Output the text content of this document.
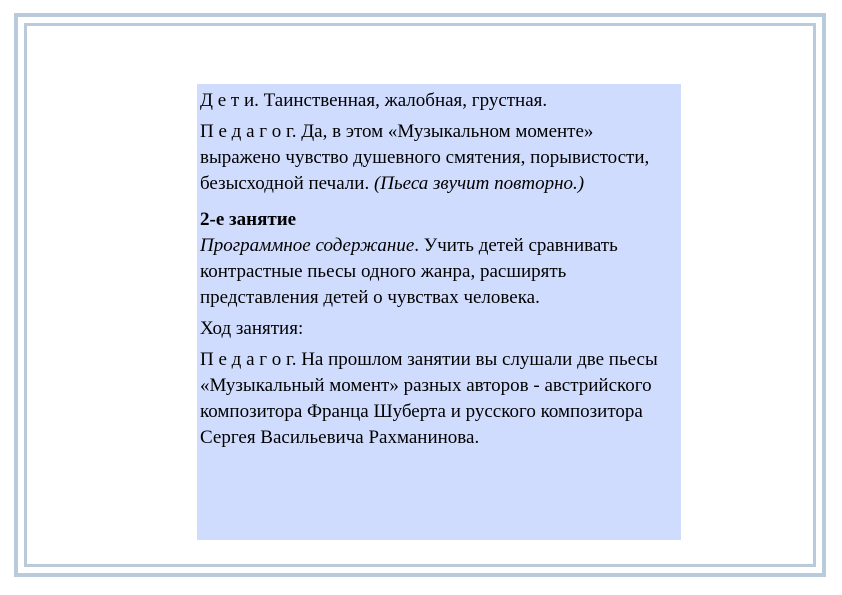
Д е т и. Таинственная, жалобная, грустная.

П е д а г о г. Да, в этом «Музыкальном моменте» выражено чувство душевного смятения, порывистости, безысходной печали. (Пьеса звучит повторно.)

2-е занятие

Программное содержание. Учить детей сравнивать контрастные пьесы одного жанра, расширять представления детей о чувствах человека.

Ход занятия:

П е д а г о г. На прошлом занятии вы слушали две пьесы «Музыкальный момент» разных авторов - австрийского композитора Франца Шуберта и русского композитора Сергея Васильевича Рахманинова.
